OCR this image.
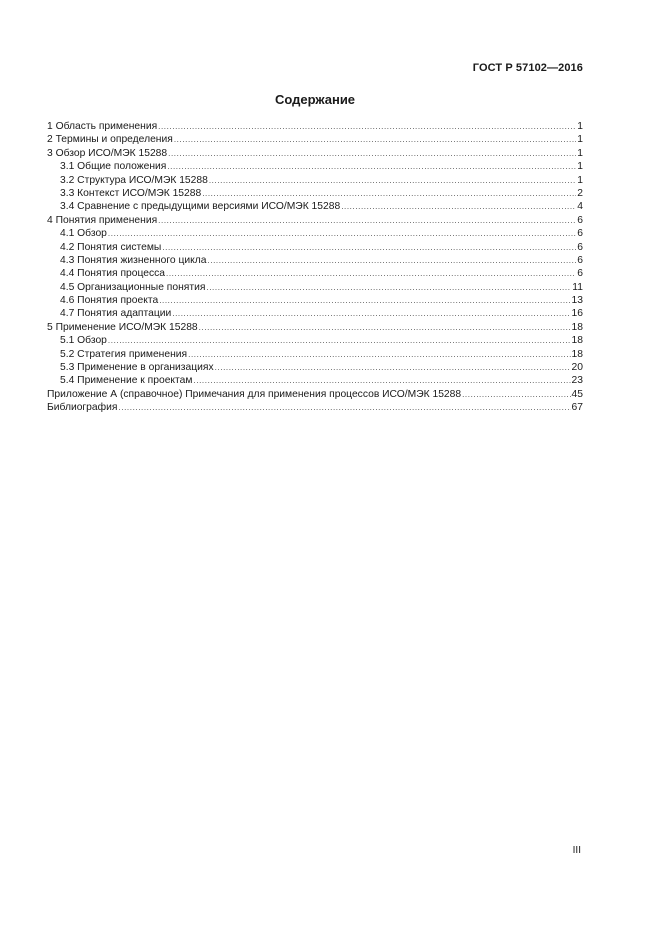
ГОСТ Р 57102—2016
Содержание
1 Область применения .....	1
2 Термины и определения .....	1
3 Обзор ИСО/МЭК 15288 .....	1
3.1 Общие положения .....	1
3.2 Структура ИСО/МЭК 15288 .....	1
3.3 Контекст ИСО/МЭК 15288 .....	2
3.4 Сравнение с предыдущими версиями ИСО/МЭК 15288 .....	4
4 Понятия применения .....	6
4.1 Обзор .....	6
4.2 Понятия системы .....	6
4.3 Понятия жизненного цикла .....	6
4.4 Понятия процесса .....	6
4.5 Организационные понятия .....	11
4.6 Понятия проекта .....	13
4.7 Понятия адаптации .....	16
5 Применение ИСО/МЭК 15288 .....	18
5.1 Обзор .....	18
5.2 Стратегия применения .....	18
5.3 Применение в организациях .....	20
5.4 Применение к проектам .....	23
Приложение А (справочное) Примечания для применения процессов ИСО/МЭК 15288 .....	45
Библиография .....	67
III
